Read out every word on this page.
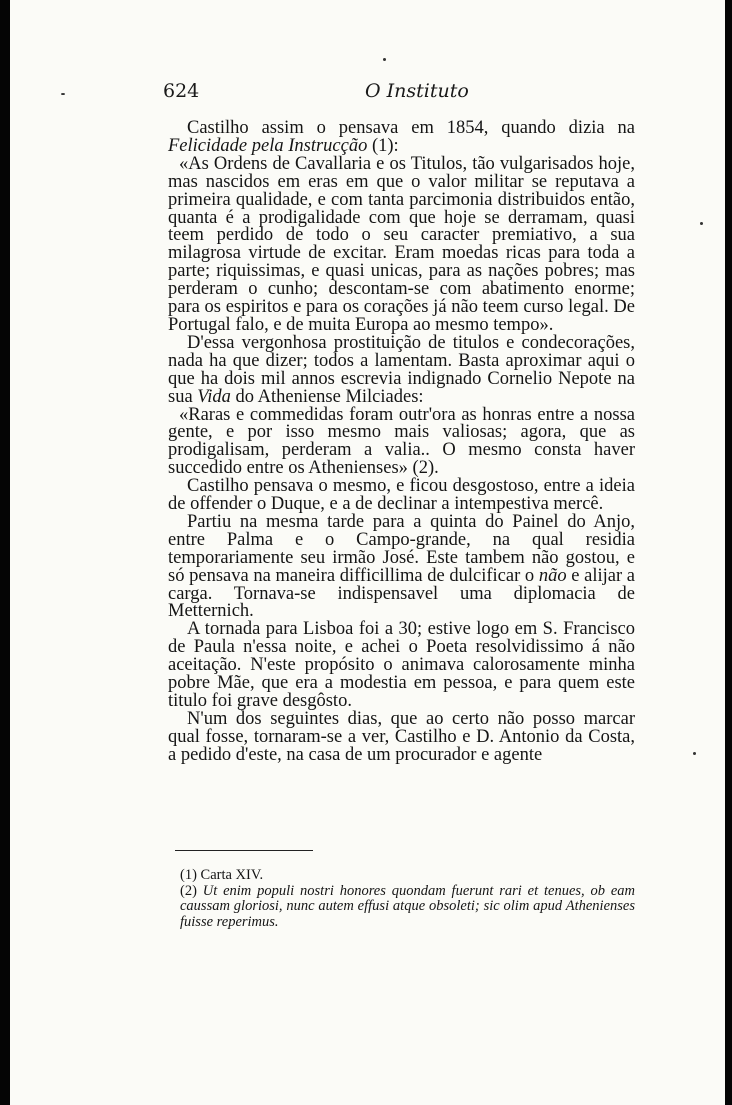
624	O Instituto

Castilho assim o pensava em 1854, quando dizia na Felicidade pela Instrucção (1):

«As Ordens de Cavallaria e os Titulos, tão vulgarisados hoje, mas nascidos em eras em que o valor militar se reputava a primeira qualidade, e com tanta parcimonia distribuidos então, quanta é a prodigalidade com que hoje se derramam, quasi teem perdido de todo o seu caracter premiativo, a sua milagrosa virtude de excitar. Eram moedas ricas para toda a parte; riquissimas, e quasi unicas, para as nações pobres; mas perderam o cunho; descontam-se com abatimento enorme; para os espiritos e para os corações já não teem curso legal. De Portugal falo, e de muita Europa ao mesmo tempo».

D'essa vergonhosa prostituição de titulos e condecorações, nada ha que dizer; todos a lamentam. Basta aproximar aqui o que ha dois mil annos escrevia indignado Cornelio Nepote na sua Vida do Atheniense Milciades:

«Raras e commedidas foram outr'ora as honras entre a nossa gente, e por isso mesmo mais valiosas; agora, que as prodigalisam, perderam a valia.. O mesmo consta haver succedido entre os Athenienses» (2).

Castilho pensava o mesmo, e ficou desgostoso, entre a ideia de offender o Duque, e a de declinar a intempestiva mercê.

Partiu na mesma tarde para a quinta do Painel do Anjo, entre Palma e o Campo-grande, na qual residia temporariamente seu irmão José. Este tambem não gostou, e só pensava na maneira difficillima de dulcificar o não e alijar a carga. Tornava-se indispensavel uma diplomacia de Metternich.

A tornada para Lisboa foi a 30; estive logo em S. Francisco de Paula n'essa noite, e achei o Poeta resolvidissimo á não aceitação. N'este propósito o animava calorosamente minha pobre Mãe, que era a modestia em pessoa, e para quem este titulo foi grave desgôsto.

N'um dos seguintes dias, que ao certo não posso marcar qual fosse, tornaram-se a ver, Castilho e D. Antonio da Costa, a pedido d'este, na casa de um procurador e agente

(1) Carta XIV.

(2) Ut enim populi nostri honores quondam fuerunt rari et tenues, ob eam caussam gloriosi, nunc autem effusi atque obsoleti; sic olim apud Athenienses fuisse reperimus.
